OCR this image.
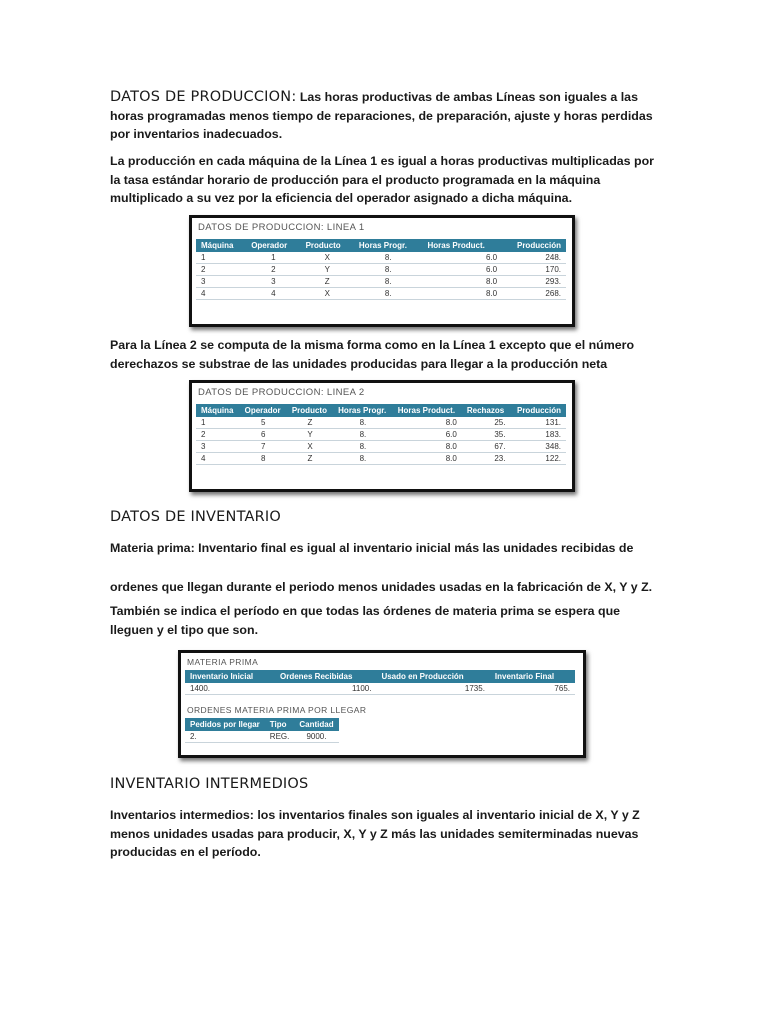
DATOS DE PRODUCCION: Las horas productivas de ambas Líneas son iguales a las horas programadas menos tiempo de reparaciones, de preparación, ajuste y horas perdidas por inventarios inadecuados.
La producción en cada máquina de la Línea 1 es igual a horas productivas multiplicadas por la tasa estándar horario de producción para el producto programada en la máquina multiplicado a su vez por la eficiencia del operador asignado a dicha máquina.
DATOS DE PRODUCCION: LINEA 1
Máquina	Operador	Producto	Horas Progr.	Horas Product.	Producción
1	1	X	8.	6.0	248.
2	2	Y	8.	6.0	170.
3	3	Z	8.	8.0	293.
4	4	X	8.	8.0	268.
Para la Línea 2 se computa de la misma forma como en la Línea 1 excepto que el número derechazos se substrae de las unidades producidas para llegar a la producción neta
DATOS DE PRODUCCION: LINEA 2
Máquina	Operador	Producto	Horas Progr.	Horas Product.	Rechazos	Producción
1	5	Z	8.	8.0	25.	131.
2	6	Y	8.	6.0	35.	183.
3	7	X	8.	8.0	67.	348.
4	8	Z	8.	8.0	23.	122.
DATOS DE INVENTARIO
Materia prima: Inventario final es igual al inventario inicial más las unidades recibidas de
ordenes que llegan durante el periodo menos unidades usadas en la fabricación de X, Y y Z.
También se indica el período en que todas las órdenes de materia prima se espera que lleguen y el tipo que son.
MATERIA PRIMA
Inventario Inicial	Ordenes Recibidas	Usado en Producción	Inventario Final
1400.	1100.	1735.	765.
ORDENES MATERIA PRIMA POR LLEGAR
Pedidos por llegar	Tipo	Cantidad
2.	REG.	9000.
INVENTARIO INTERMEDIOS
Inventarios intermedios: los inventarios finales son iguales al inventario inicial de X, Y y Z menos unidades usadas para producir, X, Y y Z más las unidades semiterminadas nuevas producidas en el período.
